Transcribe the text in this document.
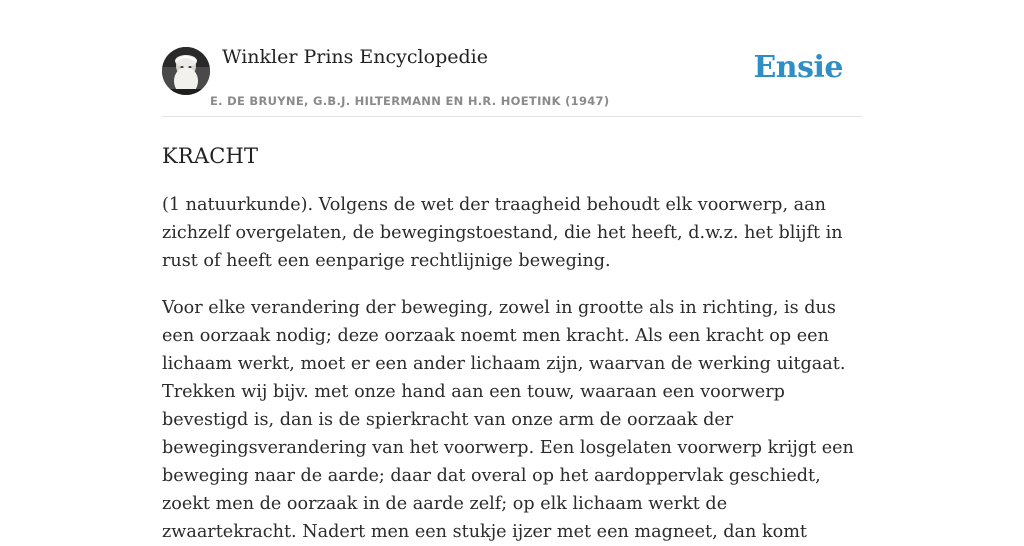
Winkler Prins Encyclopedie
E. DE BRUYNE, G.B.J. HILTERMANN EN H.R. HOETINK (1947)
Ensie
KRACHT

(1 natuurkunde). Volgens de wet der traagheid behoudt elk voorwerp, aan zichzelf overgelaten, de bewegingstoestand, die het heeft, d.w.z. het blijft in rust of heeft een eenparige rechtlijnige beweging.

Voor elke verandering der beweging, zowel in grootte als in richting, is dus een oorzaak nodig; deze oorzaak noemt men kracht. Als een kracht op een lichaam werkt, moet er een ander lichaam zijn, waarvan de werking uitgaat. Trekken wij bijv. met onze hand aan een touw, waaraan een voorwerp bevestigd is, dan is de spierkracht van onze arm de oorzaak der bewegingsverandering van het voorwerp. Een losgelaten voorwerp krijgt een beweging naar de aarde; daar dat overal op het aardoppervlak geschiedt, zoekt men de oorzaak in de aarde zelf; op elk lichaam werkt de zwaartekracht. Nadert men een stukje ijzer met een magneet, dan komt
